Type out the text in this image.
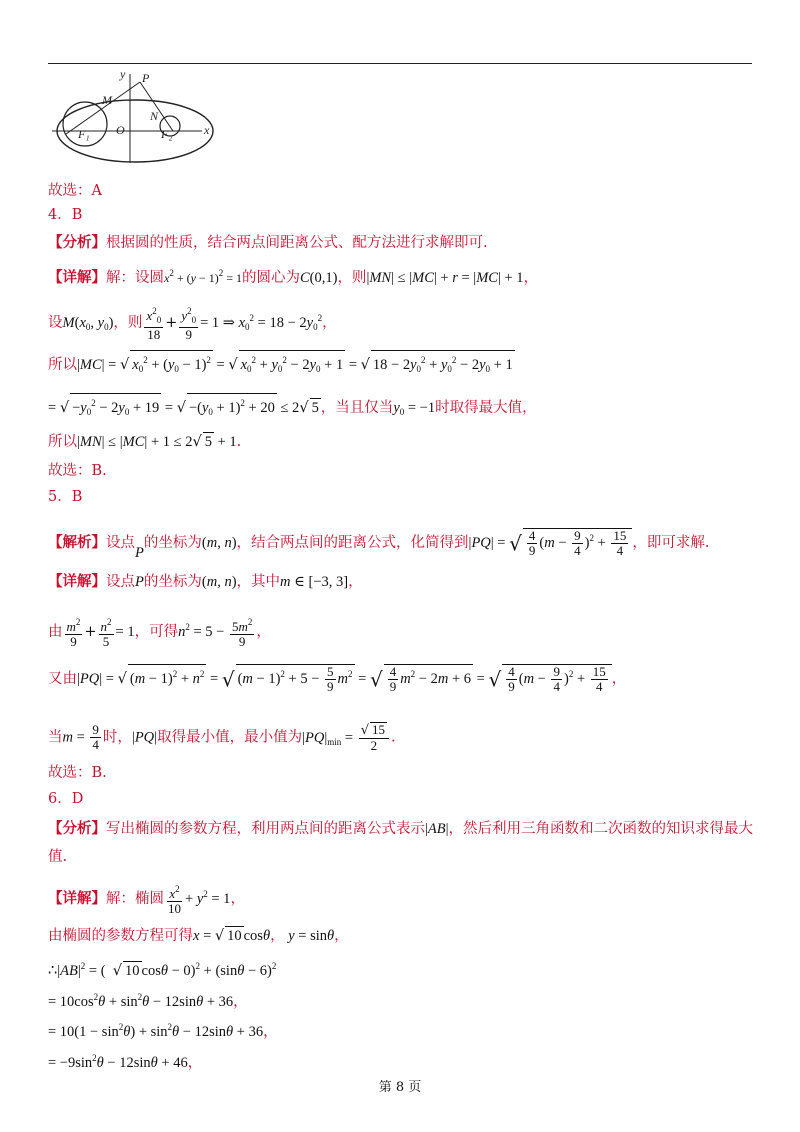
y P
M
N
F₁ O	F₂	x
故选：A
4．B
【分析】根据圆的性质，结合两点间距离公式、配方法进行求解即可.
【详解】解：设圆$x^2 + (y - 1)^2 = 1$的圆心为C(0,1)，则|MN| ≤ |MC| + r = |MC| + 1，
设$M(x_0$, $y_0$)，则 $\frac{x^2_0}{18} + \frac{y^2_0}{9} = 1$ ⇒ $x_0^2 = 18 - 2y_0^2$，
所以|MC| = √ $x_0^2 + (y_0 - 1)^2$ = √ $x_0^2 + y_0^2 - 2y_0 + 1$ = √ $18 - 2y_0^2 + y_0^2 - 2y_0 + 1$
= √ $-y_0^2 - 2y_0 + 19$ = √ $-(y_0 + 1)^2 + 20 \le 2√$ 5 ，当且仅当$y_0 = -1$时取得最大值，
所以|MN| ≤ |MC| + 1 ≤ 2√ 5 + 1.
故选：B.
5．B
【解析】设点P的坐标为(m, n)，结合两点间的距离公式，化简得到|PQ| = √ $\frac{4}{9} (m - \frac{9}{4} )^2 + \frac{15}{4}$ ，即可求解.
【详解】设点P的坐标为(m, n)，其中m ∈ [−3, 3]，
由 $\frac{m^2}{9} + \frac{n^2}{5} = 1$，可得$n^2 = 5 - \frac{5m^2}{9}$ ，
又由|PQ| = √ $(m - 1)^2 + n^2$ = √ $(m - 1)^2 + 5 - \frac{5}{9} m^2$ = √ $\frac{4}{9} m^2 - 2m + 6$ = √ $\frac{4}{9} (m - \frac{9}{4} )^2 + \frac{15}{4}$ ，
当$m = \frac{9}{4}$ 时，|PQ|取得最小值，最小值为$|PQ|_{min} = \frac{√ 15}{2}$ .
故选：B.
6．D
【分析】写出椭圆的参数方程，利用两点间的距离公式表示|AB|，然后利用三角函数和二次函数的知识求得最大
值.
【详解】解：椭圆 $\frac{x^2}{10} + y^2 = 1$，
由椭圆的参数方程可得x = √ 10 cosθ， y = sinθ，
$\therefore|AB|^2$ = (  √ 10 $\cos\theta - 0)^2 + (\sin\theta - 6)^2$
= $10\cos^2\theta + \sin^2\theta - 12\sin\theta + 36$，
= $10(1 - \sin^2\theta) + \sin^2\theta - 12\sin\theta + 36$，
= $-9\sin^2\theta - 12\sin\theta + 46$，
第 8 页
